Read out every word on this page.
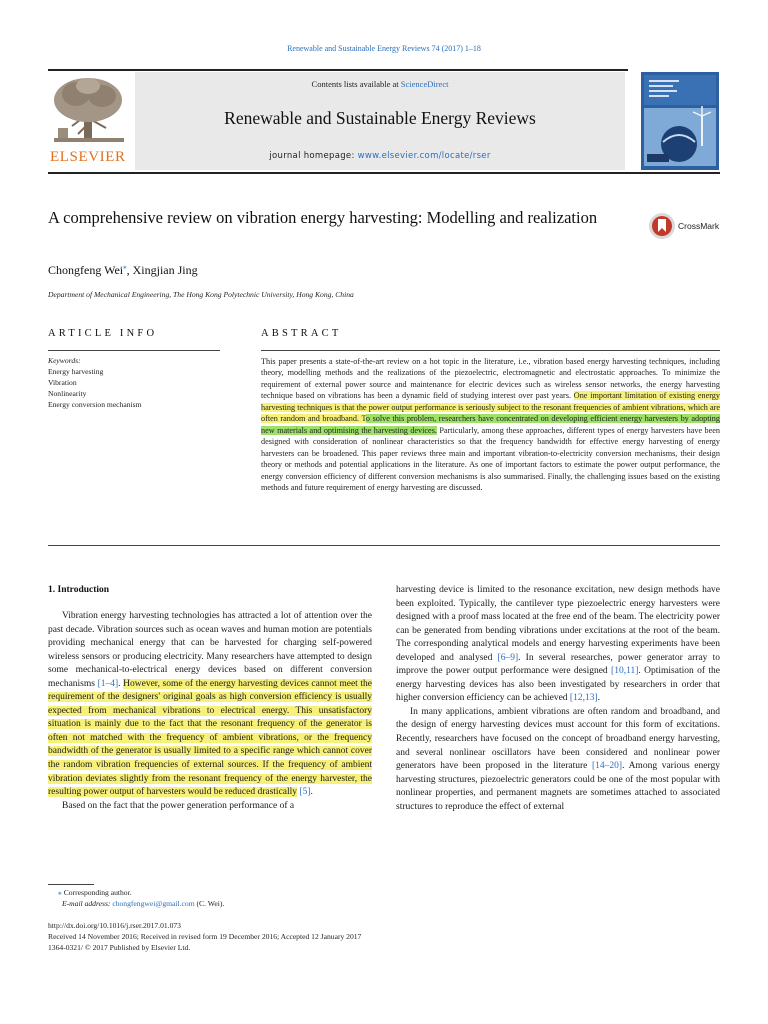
Renewable and Sustainable Energy Reviews 74 (2017) 1–18
ELSEVIER
Contents lists available at ScienceDirect
Renewable and Sustainable Energy Reviews
journal homepage: www.elsevier.com/locate/rser
A comprehensive review on vibration energy harvesting: Modelling and realization	CrossMark
Chongfeng Wei⁎, Xingjian Jing
Department of Mechanical Engineering, The Hong Kong Polytechnic University, Hong Kong, China
ARTICLE INFO
Keywords:
Energy harvesting
Vibration
Nonlinearity
Energy conversion mechanism
ABSTRACT
This paper presents a state-of-the-art review on a hot topic in the literature, i.e., vibration based energy harvesting techniques, including theory, modelling methods and the realizations of the piezoelectric, electromagnetic and electrostatic approaches. To minimize the requirement of external power source and maintenance for electric devices such as wireless sensor networks, the energy harvesting technique based on vibrations has been a dynamic field of studying interest over past years. One important limitation of existing energy harvesting techniques is that the power output performance is seriously subject to the resonant frequencies of ambient vibrations, which are often random and broadband. To solve this problem, researchers have concentrated on developing efficient energy harvesters by adopting new materials and optimising the harvesting devices. Particularly, among these approaches, different types of energy harvesters have been designed with consideration of nonlinear characteristics so that the frequency bandwidth for effective energy harvesting of energy harvesters can be broadened. This paper reviews three main and important vibration-to-electricity conversion mechanisms, their design theory or methods and potential applications in the literature. As one of important factors to estimate the power output performance, the energy conversion efficiency of different conversion mechanisms is also summarised. Finally, the challenging issues based on the existing methods and future requirement of energy harvesting are discussed.
1. Introduction

Vibration energy harvesting technologies has attracted a lot of attention over the past decade. Vibration sources such as ocean waves and human motion are potentials providing mechanical energy that can be harvested for charging self-powered wireless sensors or producing electricity. Many researchers have attempted to design some mechanical-to-electrical energy devices based on different conversion mechanisms [1–4]. However, some of the energy harvesting devices cannot meet the requirement of the designers' original goals as high conversion efficiency is usually expected from mechanical vibrations to electrical energy. This unsatisfactory situation is mainly due to the fact that the resonant frequency of the generator is often not matched with the frequency of ambient vibrations, or the frequency bandwidth of the generator is usually limited to a specific range which cannot cover the random vibration frequencies of external sources. If the frequency of ambient vibration deviates slightly from the resonant frequency of the energy harvester, the resulting power output of harvesters would be reduced drastically [5].

Based on the fact that the power generation performance of a

harvesting device is limited to the resonance excitation, new design methods have been exploited. Typically, the cantilever type piezoelectric energy harvesters were designed with a proof mass located at the free end of the beam. The electricity power can be generated from bending vibrations under excitations at the root of the beam. The corresponding analytical models and energy harvesting experiments have been developed and analysed [6–9]. In several researches, power generator array to improve the power output performance were designed [10,11]. Optimisation of the energy harvesting devices has also been investigated by researchers in order that higher conversion efficiency can be achieved [12,13].

In many applications, ambient vibrations are often random and broadband, and the design of energy harvesting devices must account for this form of excitations. Recently, researchers have focused on the concept of broadband energy harvesting, and several nonlinear oscillators have been considered and nonlinear power generators have been proposed in the literature [14–20]. Among various energy harvesting structures, piezoelectric generators could be one of the most popular with nonlinear properties, and permanent magnets are sometimes attached to associated structures to reproduce the effect of external

⁎ Corresponding author.
E-mail address: chongfengwei@gmail.com (C. Wei).
http://dx.doi.org/10.1016/j.rser.2017.01.073
Received 14 November 2016; Received in revised form 19 December 2016; Accepted 12 January 2017
1364-0321/ © 2017 Published by Elsevier Ltd.
